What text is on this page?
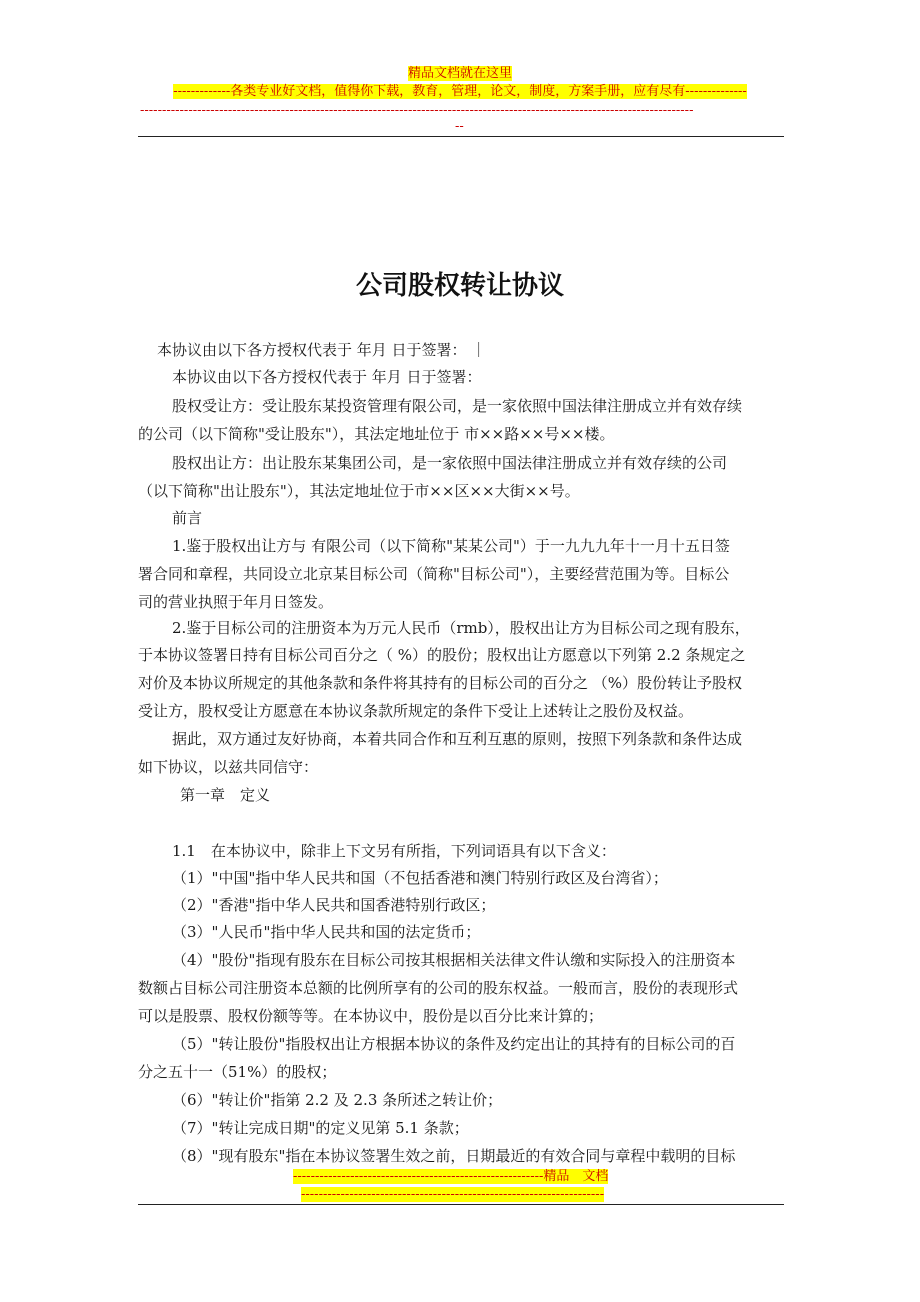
精品文档就在这里
-------------各类专业好文档，值得你下载，教育，管理，论文，制度，方案手册，应有尽有--------------
------------------------------------------------------------------------------------------------------------------------------
--
公司股权转让协议
本协议由以下各方授权代表于 年月 日于签署： ｜
本协议由以下各方授权代表于 年月 日于签署：
股权受让方：受让股东某投资管理有限公司，是一家依照中国法律注册成立并有效存续
的公司（以下简称"受让股东"），其法定地址位于 市××路××号××楼。
股权出让方：出让股东某集团公司，是一家依照中国法律注册成立并有效存续的公司
（以下简称"出让股东"），其法定地址位于市××区××大街××号。
前言
1.鉴于股权出让方与 有限公司（以下简称"某某公司"）于一九九九年十一月十五日签
署合同和章程，共同设立北京某目标公司（简称"目标公司"），主要经营范围为等。目标公
司的营业执照于年月日签发。
2.鉴于目标公司的注册资本为万元人民币（rmb），股权出让方为目标公司之现有股东，
于本协议签署日持有目标公司百分之（ %）的股份；股权出让方愿意以下列第 2.2 条规定之
对价及本协议所规定的其他条款和条件将其持有的目标公司的百分之 （%）股份转让予股权
受让方，股权受让方愿意在本协议条款所规定的条件下受让上述转让之股份及权益。
据此，双方通过友好协商，本着共同合作和互利互惠的原则，按照下列条款和条件达成
如下协议，以兹共同信守：
第一章　定义
1.1　在本协议中，除非上下文另有所指，下列词语具有以下含义：
（1）"中国"指中华人民共和国（不包括香港和澳门特别行政区及台湾省）；
（2）"香港"指中华人民共和国香港特别行政区；
（3）"人民币"指中华人民共和国的法定货币；
（4）"股份"指现有股东在目标公司按其根据相关法律文件认缴和实际投入的注册资本
数额占目标公司注册资本总额的比例所享有的公司的股东权益。一般而言，股份的表现形式
可以是股票、股权份额等等。在本协议中，股份是以百分比来计算的；
（5）"转让股份"指股权出让方根据本协议的条件及约定出让的其持有的目标公司的百
分之五十一（51%）的股权；
（6）"转让价"指第 2.2 及 2.3 条所述之转让价；
（7）"转让完成日期"的定义见第 5.1 条款；
（8）"现有股东"指在本协议签署生效之前，日期最近的有效合同与章程中载明的目标
---------------------------------------------------------精品　文档
---------------------------------------------------------------------
